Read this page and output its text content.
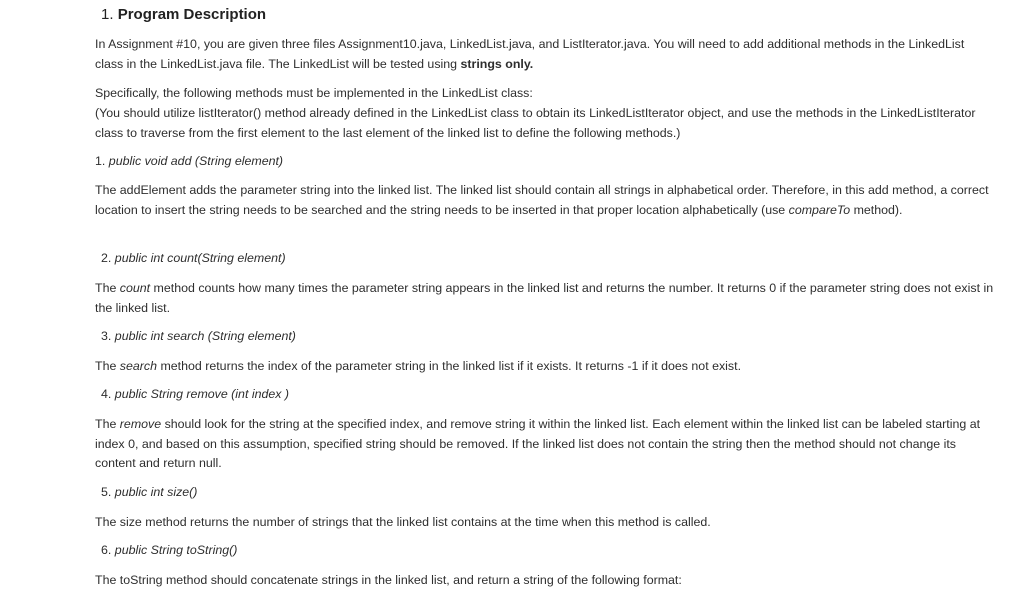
1. Program Description
In Assignment #10, you are given three files Assignment10.java, LinkedList.java, and ListIterator.java. You will need to add additional methods in the LinkedList class in the LinkedList.java file. The LinkedList will be tested using strings only.
Specifically, the following methods must be implemented in the LinkedList class:
(You should utilize listIterator() method already defined in the LinkedList class to obtain its LinkedListIterator object, and use the methods in the LinkedListIterator class to traverse from the first element to the last element of the linked list to define the following methods.)
1. public void add (String element)
The addElement adds the parameter string into the linked list. The linked list should contain all strings in alphabetical order. Therefore, in this add method, a correct location to insert the string needs to be searched and the string needs to be inserted in that proper location alphabetically (use compareTo method).
2. public int count(String element)
The count method counts how many times the parameter string appears in the linked list and returns the number. It returns 0 if the parameter string does not exist in the linked list.
3. public int search (String element)
The search method returns the index of the parameter string in the linked list if it exists. It returns -1 if it does not exist.
4. public String remove (int index )
The remove should look for the string at the specified index, and remove string it within the linked list. Each element within the linked list can be labeled starting at index 0, and based on this assumption, specified string should be removed. If the linked list does not contain the string then the method should not change its content and return null.
5. public int size()
The size method returns the number of strings that the linked list contains at the time when this method is called.
6. public String toString()
The toString method should concatenate strings in the linked list, and return a string of the following format:
